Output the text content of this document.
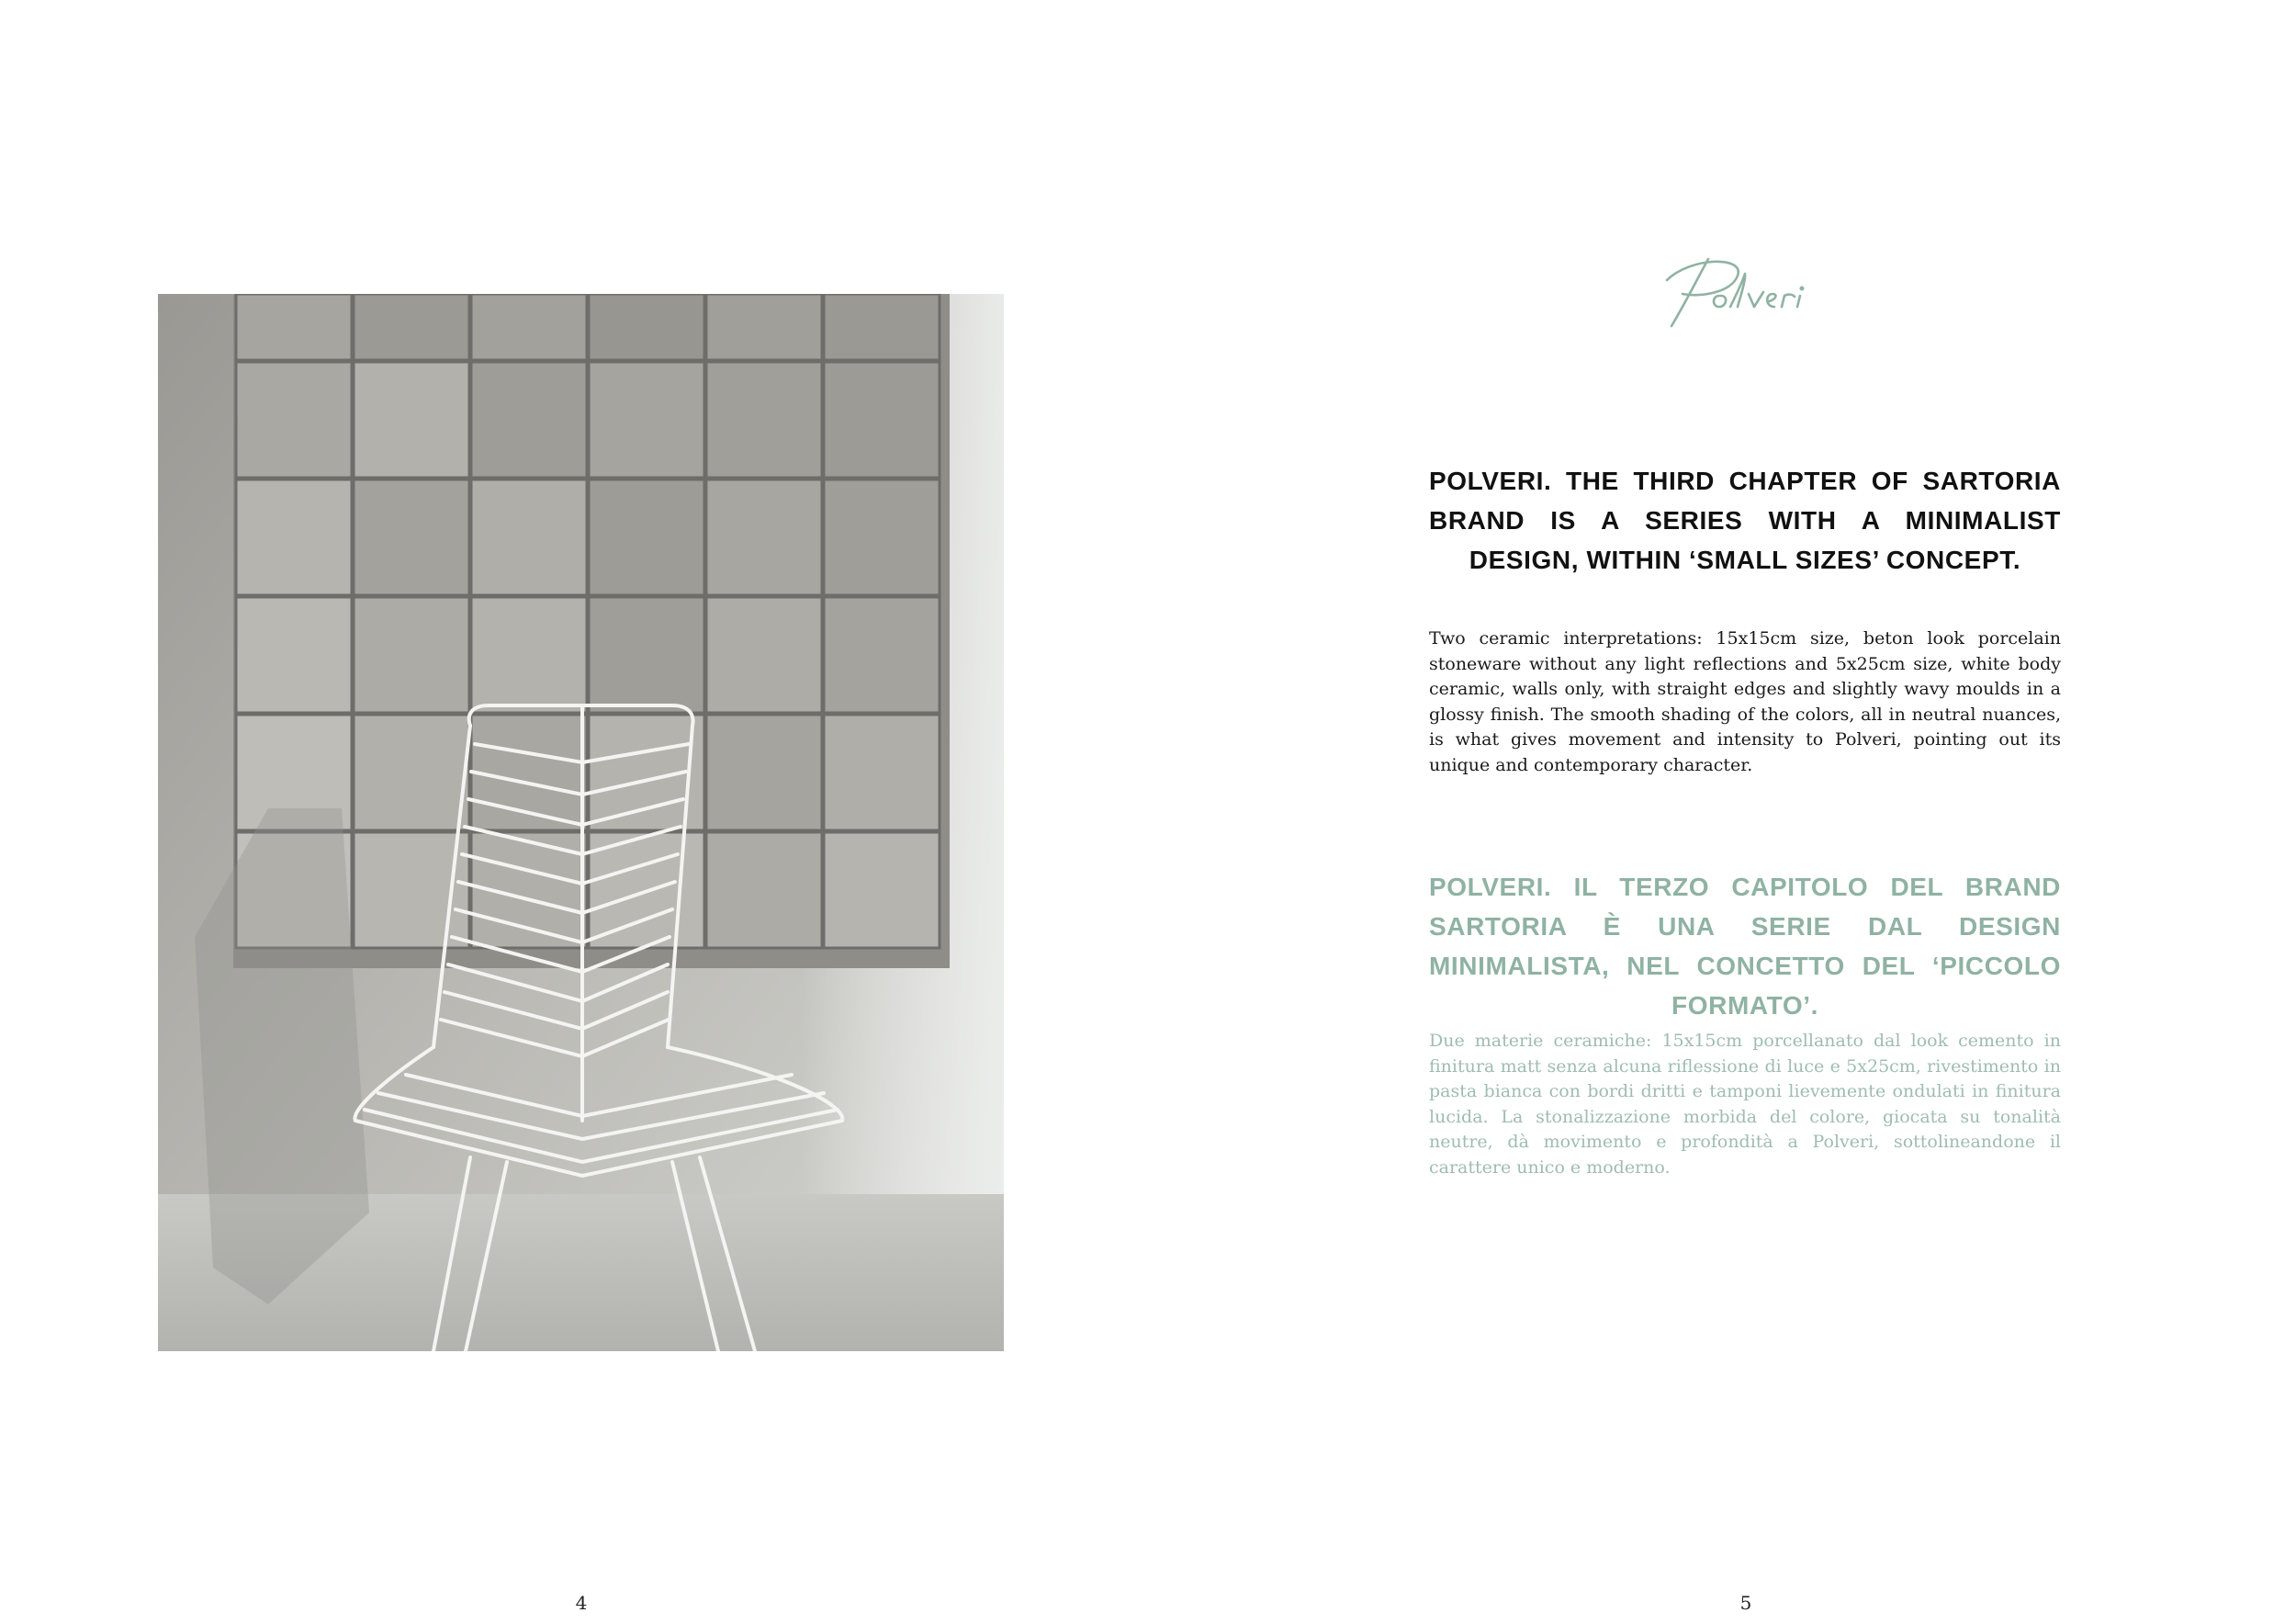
4

POLVERI. THE THIRD CHAPTER OF SARTORIA BRAND IS A SERIES WITH A MINIMALIST DESIGN, WITHIN ‘SMALL SIZES’ CONCEPT.

Two ceramic interpretations: 15x15cm size, beton look porcelain stoneware without any light reflections and 5x25cm size, white body ceramic, walls only, with straight edges and slightly wavy moulds in a glossy finish. The smooth shading of the colors, all in neutral nuances, is what gives movement and intensity to Polveri, pointing out its unique and contemporary character.

POLVERI. IL TERZO CAPITOLO DEL BRAND SARTORIA È UNA SERIE DAL DESIGN MINIMALISTA, NEL CONCETTO DEL ‘PICCOLO FORMATO’.

Due materie ceramiche: 15x15cm porcellanato dal look cemento in finitura matt senza alcuna riflessione di luce e 5x25cm, rivestimento in pasta bianca con bordi dritti e tamponi lievemente ondulati in finitura lucida. La stonalizzazione morbida del colore, giocata su tonalità neutre, dà movimento e profondità a Polveri, sottolineandone il carattere unico e moderno.

5
